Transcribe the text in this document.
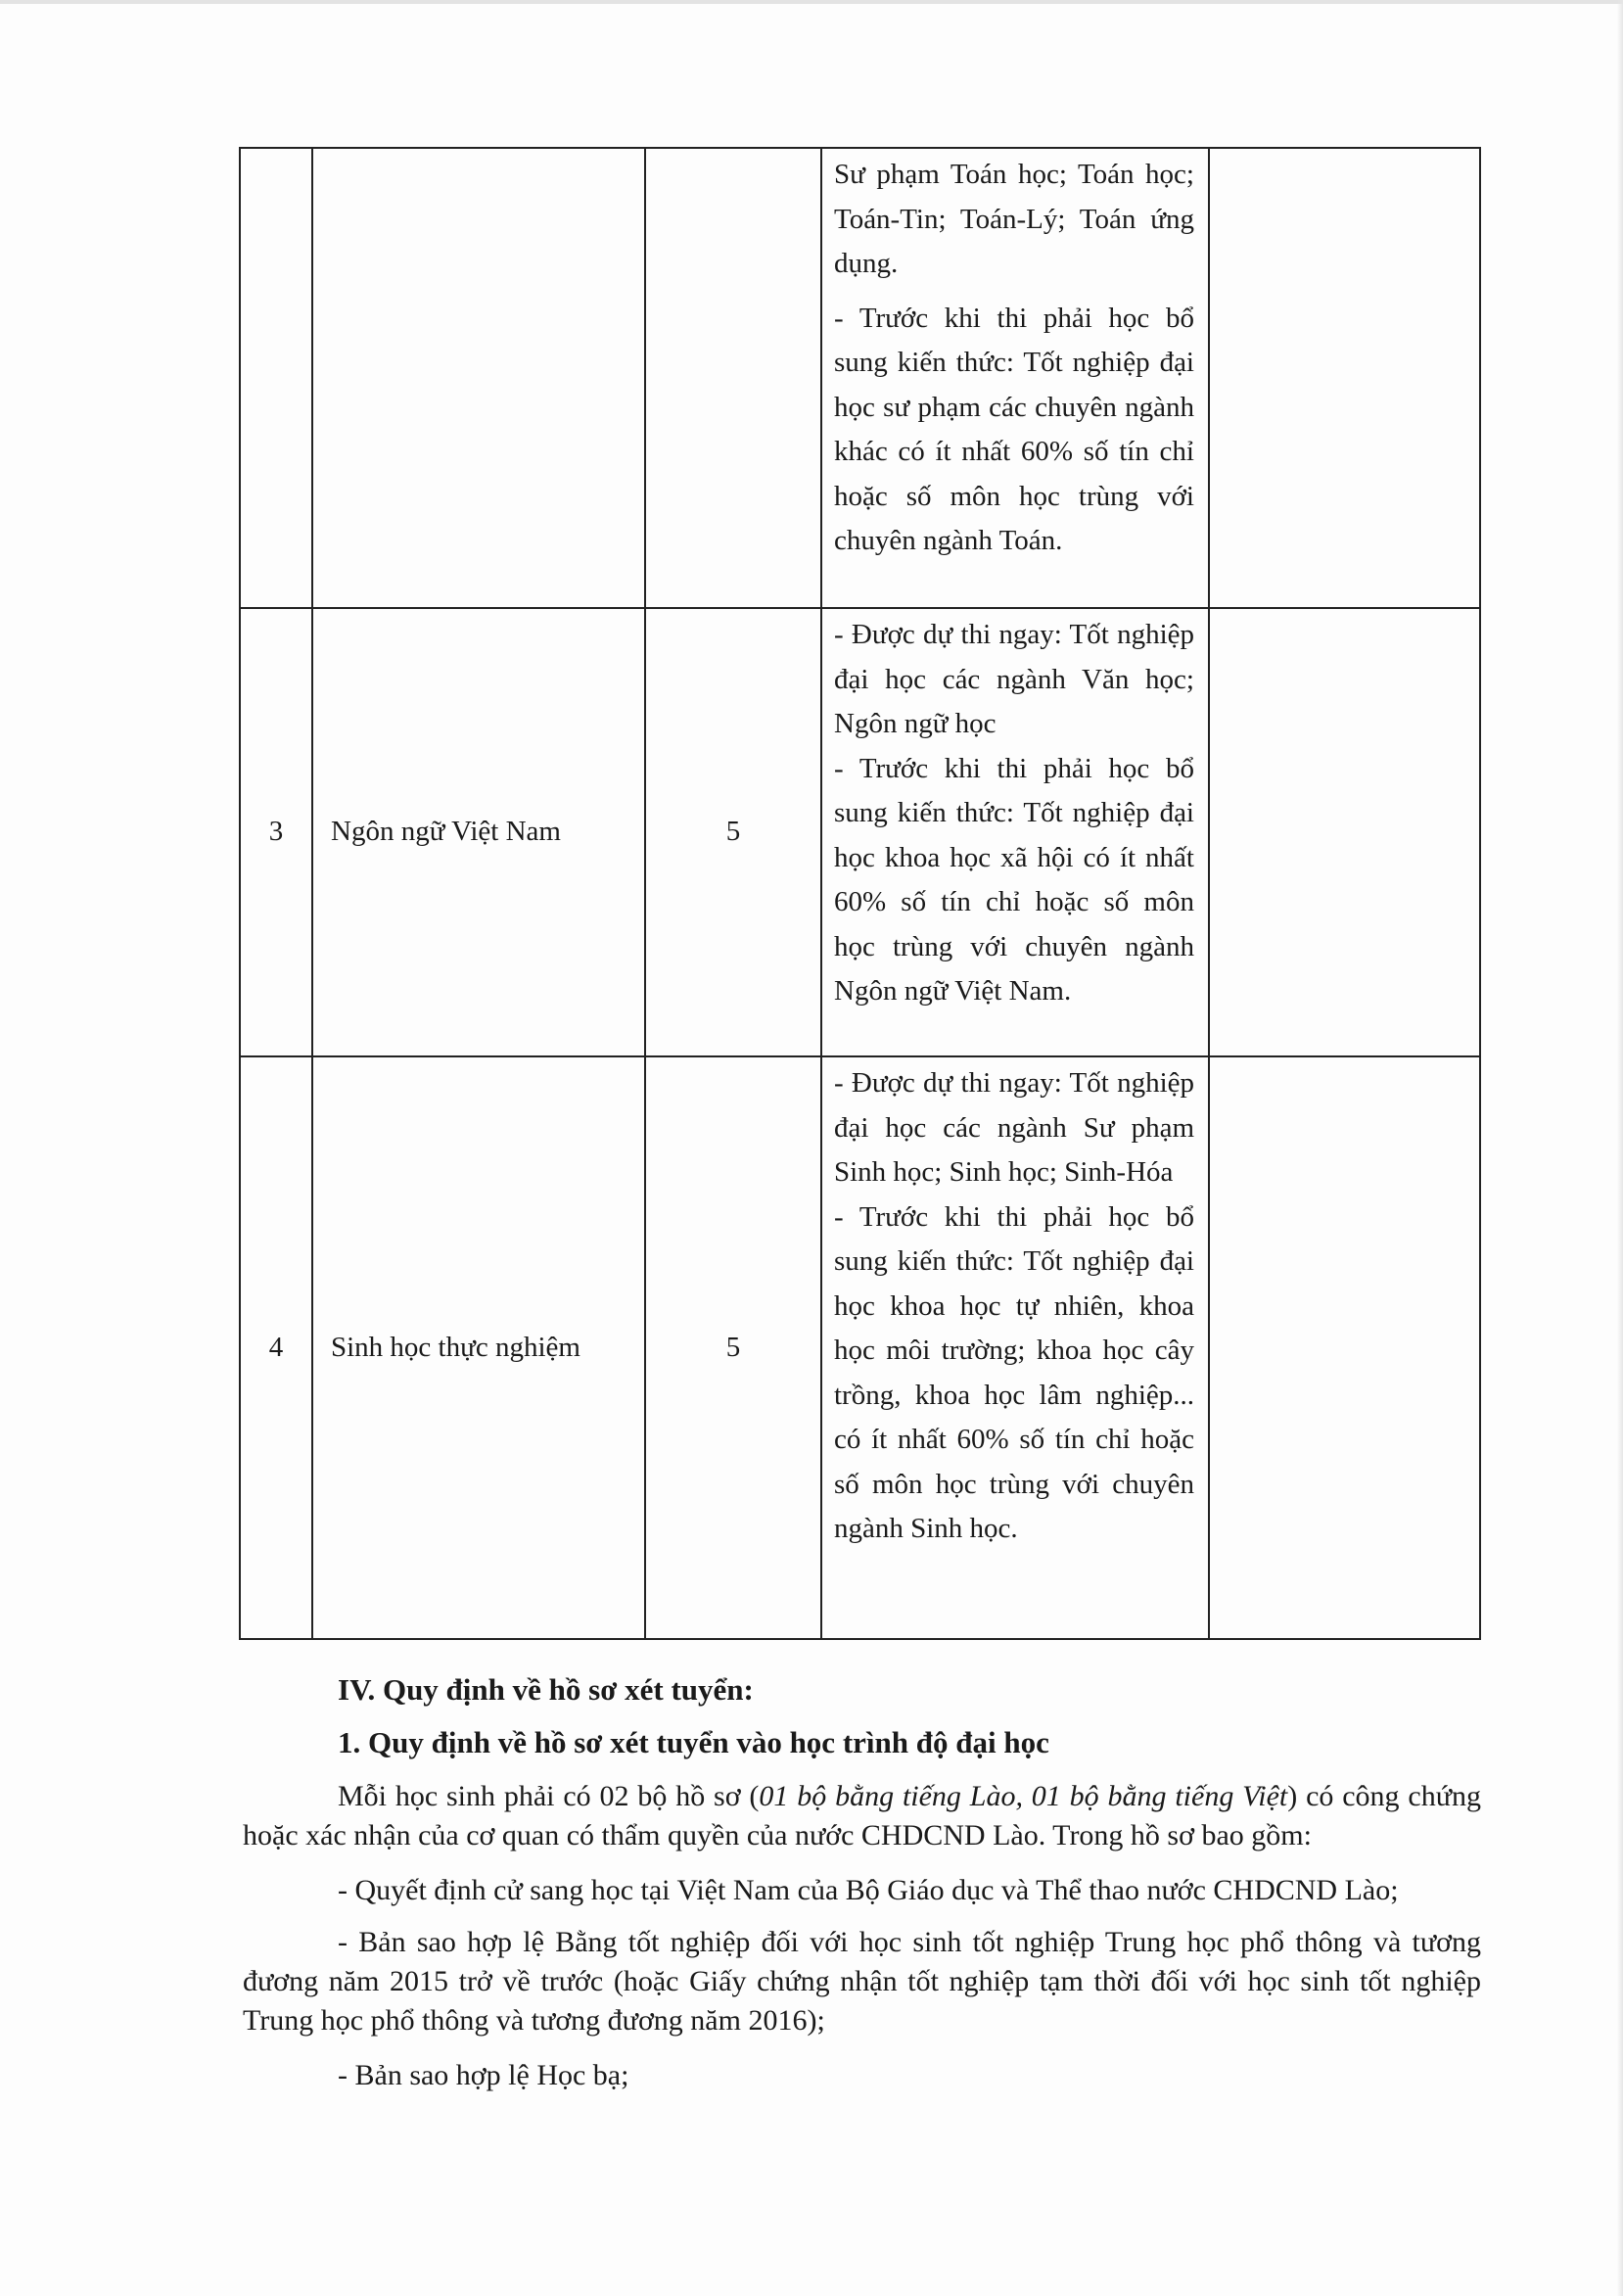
			Sư phạm Toán học; Toán học; Toán-Tin; Toán-Lý; Toán ứng dụng.

- Trước khi thi phải học bổ sung kiến thức: Tốt nghiệp đại học sư phạm các chuyên ngành khác có ít nhất 60% số tín chỉ hoặc số môn học trùng với chuyên ngành Toán.	

3	Ngôn ngữ Việt Nam	5	- Được dự thi ngay: Tốt nghiệp đại học các ngành Văn học; Ngôn ngữ học

- Trước khi thi phải học bổ sung kiến thức: Tốt nghiệp đại học khoa học xã hội có ít nhất 60% số tín chỉ hoặc số môn học trùng với chuyên ngành Ngôn ngữ Việt Nam.	

4	Sinh học thực nghiệm	5	- Được dự thi ngay: Tốt nghiệp đại học các ngành Sư phạm Sinh học; Sinh học; Sinh-Hóa

- Trước khi thi phải học bổ sung kiến thức: Tốt nghiệp đại học khoa học tự nhiên, khoa học môi trường; khoa học cây trồng, khoa học lâm nghiệp... có ít nhất 60% số tín chỉ hoặc số môn học trùng với chuyên ngành Sinh học.	

IV. Quy định về hồ sơ xét tuyển:

1. Quy định về hồ sơ xét tuyển vào học trình độ đại học

Mỗi học sinh phải có 02 bộ hồ sơ (01 bộ bằng tiếng Lào, 01 bộ bằng tiếng Việt) có công chứng hoặc xác nhận của cơ quan có thẩm quyền của nước CHDCND Lào. Trong hồ sơ bao gồm:

- Quyết định cử sang học tại Việt Nam của Bộ Giáo dục và Thể thao nước CHDCND Lào;

- Bản sao hợp lệ Bằng tốt nghiệp đối với học sinh tốt nghiệp Trung học phổ thông và tương đương năm 2015 trở về trước (hoặc Giấy chứng nhận tốt nghiệp tạm thời đối với học sinh tốt nghiệp Trung học phổ thông và tương đương năm 2016);

- Bản sao hợp lệ Học bạ;
